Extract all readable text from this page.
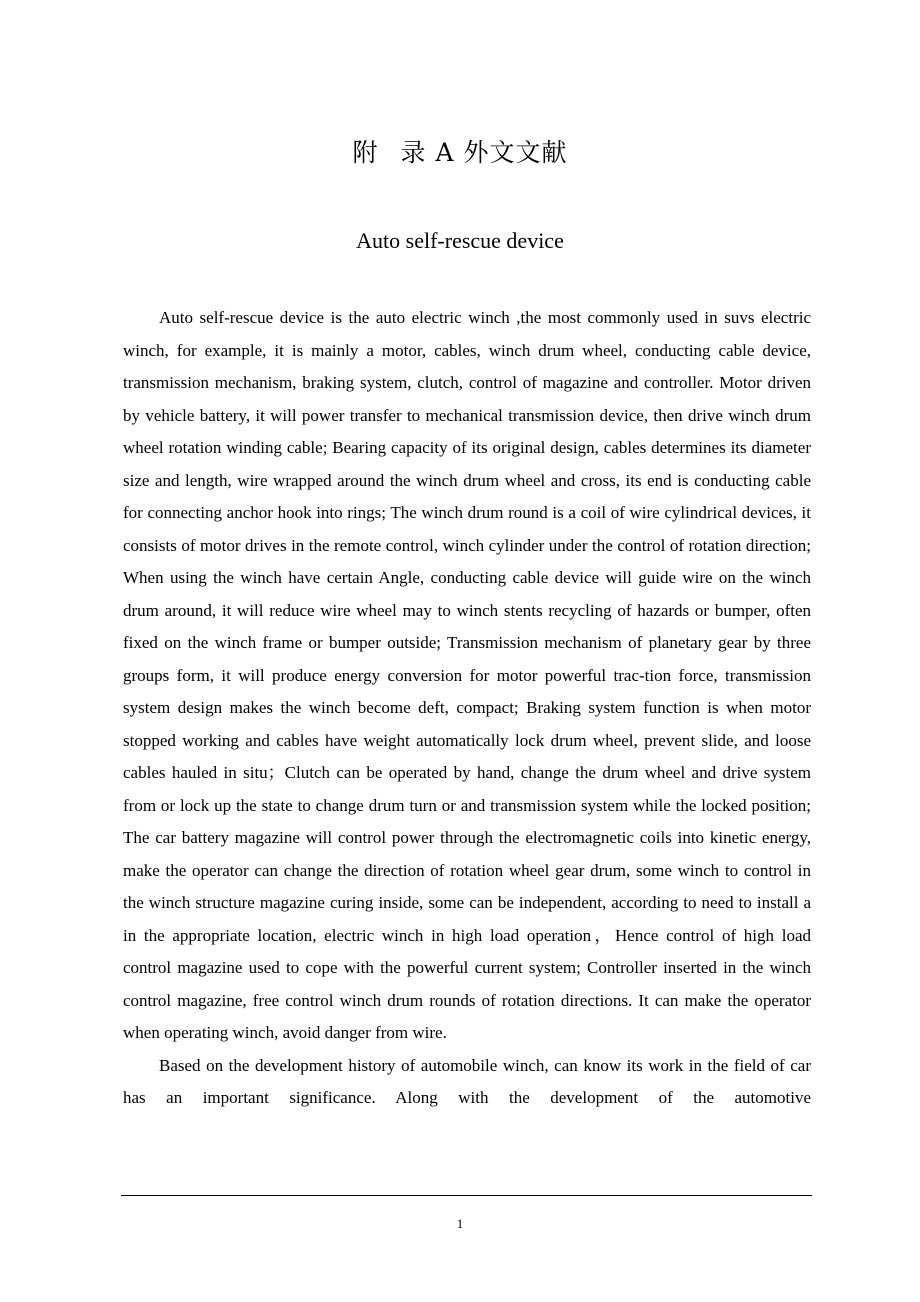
附 录 A 外文文献
Auto self-rescue device

Auto self-rescue device is the auto electric winch ,the most commonly used in suvs electric winch, for example, it is mainly a motor, cables, winch drum wheel, conducting cable device, transmission mechanism, braking system, clutch, control of magazine and controller. Motor driven by vehicle battery, it will power transfer to mechanical transmission device, then drive winch drum wheel rotation winding cable; Bearing capacity of its original design, cables determines its diameter size and length, wire wrapped around the winch drum wheel and cross, its end is conducting cable for connecting anchor hook into rings; The winch drum round is a coil of wire cylindrical devices, it consists of motor drives in the remote control, winch cylinder under the control of rotation direction; When using the winch have certain Angle, conducting cable device will guide wire on the winch drum around, it will reduce wire wheel may to winch stents recycling of hazards or bumper, often fixed on the winch frame or bumper outside; Transmission mechanism of planetary gear by three groups form, it will produce energy conversion for motor powerful trac-tion force, transmission system design makes the winch become deft, compact; Braking system function is when motor stopped working and cables have weight automatically lock drum wheel, prevent slide, and loose cables hauled in situ；Clutch can be operated by hand, change the drum wheel and drive system from or lock up the state to change drum turn or and transmission system while the locked position; The car battery magazine will control power through the electromagnetic coils into kinetic energy, make the operator can change the direction of rotation wheel gear drum, some winch to control in the winch structure magazine curing inside, some can be independent, according to need to install a in the appropriate location, electric winch in high load operation，Hence control of high load control magazine used to cope with the powerful current system; Controller inserted in the winch control magazine, free control winch drum rounds of rotation directions. It can make the operator when operating winch, avoid danger from wire.

Based on the development history of automobile winch, can know its work in the field of car has an important significance. Along with the development of the automotive

1
